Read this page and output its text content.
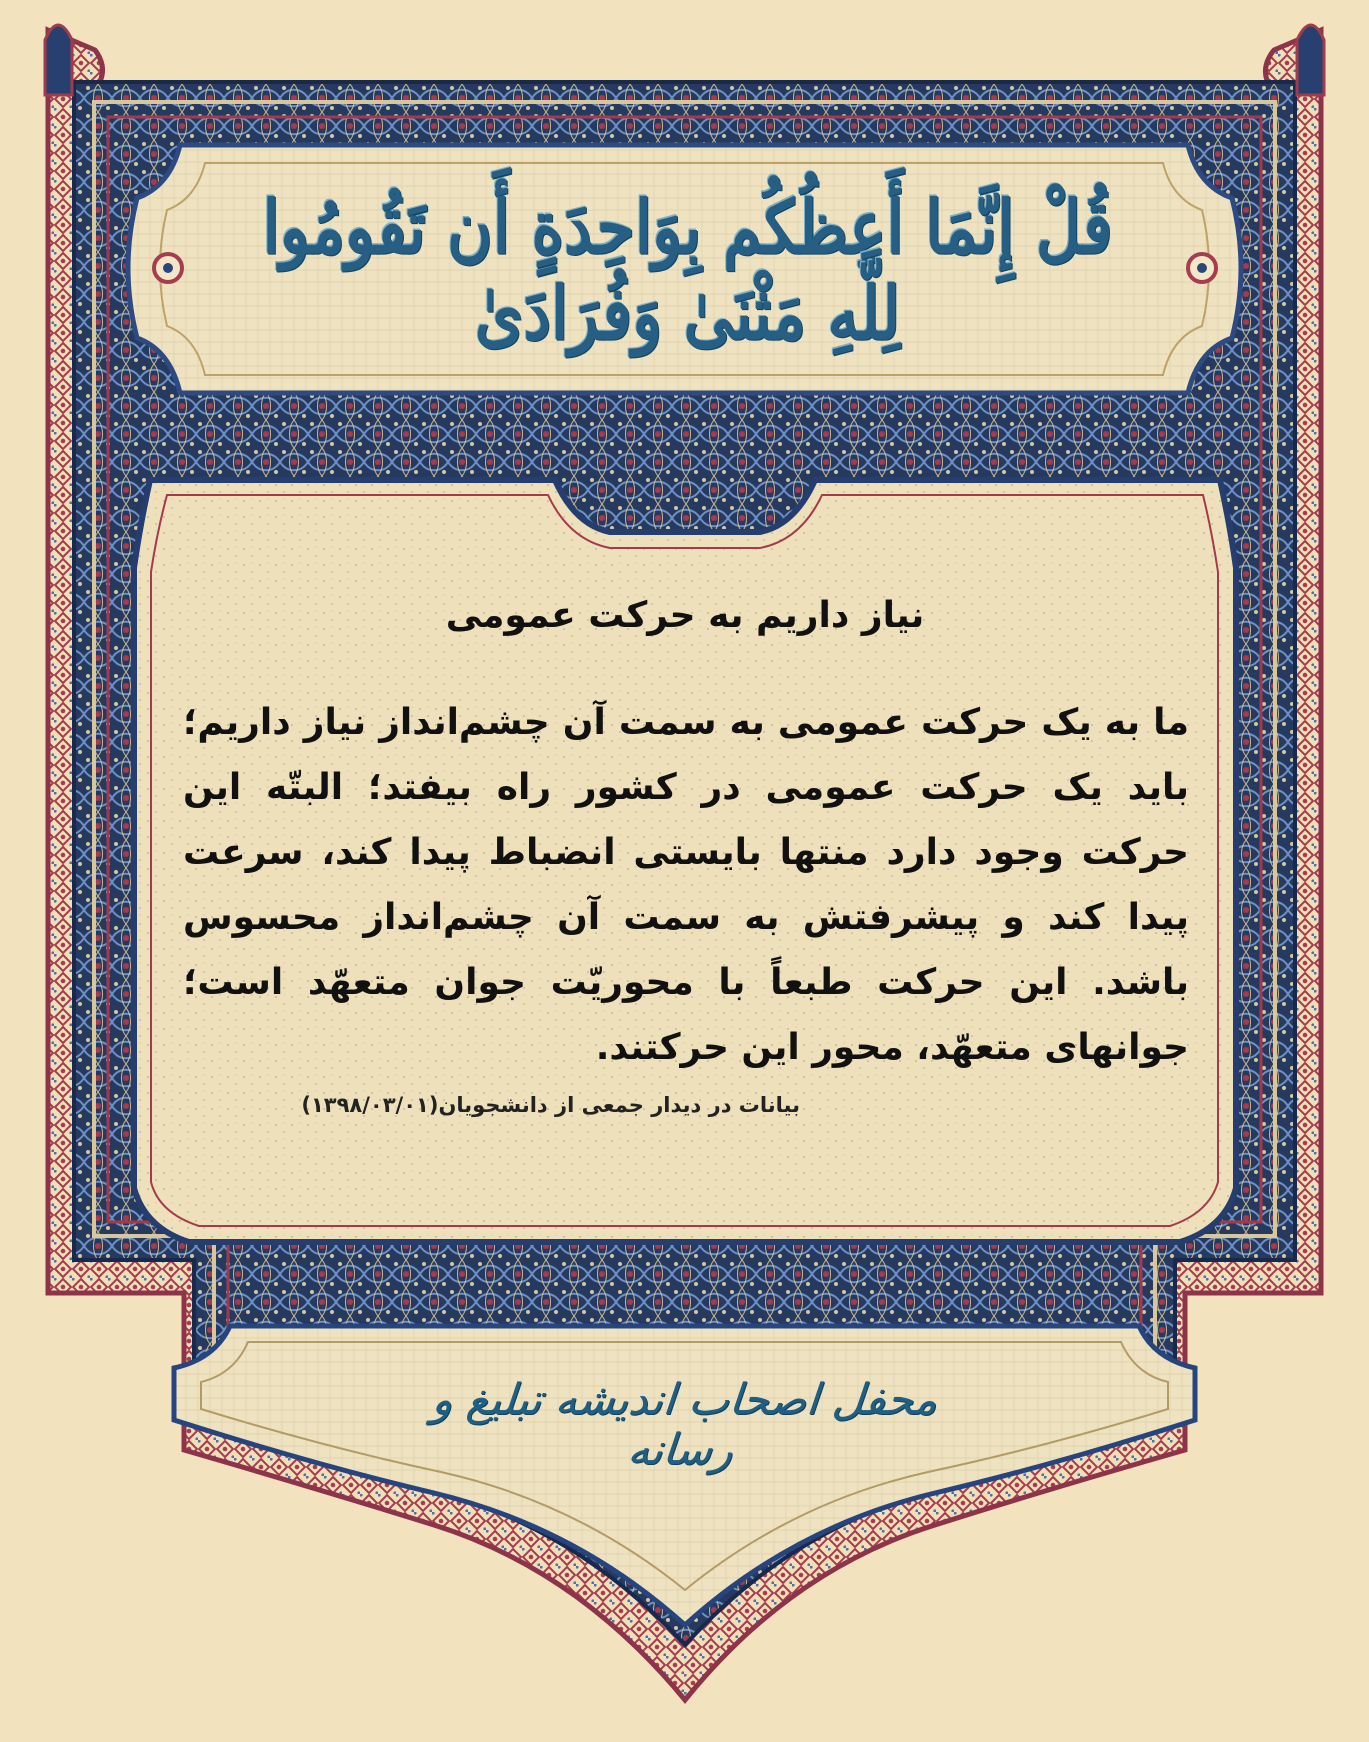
قُلْ إِنَّمَا أَعِظُكُم بِوَاحِدَةٍ أَن تَقُومُوا لِلَّهِ مَثْنَىٰ وَفُرَادَىٰ
نیاز داریم به حرکت عمومی

ما به یک حرکت عمومی به سمت آن چشم‌انداز نیاز داریم؛ باید یک حرکت عمومی در کشور راه بیفتد؛ البتّه این حرکت وجود دارد منتها بایستی انضباط پیدا کند، سرعت پیدا کند و پیشرفتش به سمت آن چشم‌انداز محسوس باشد. این حرکت طبعاً با محوریّت جوان متعهّد است؛ جوانهای متعهّد، محور این حرکتند.

بیانات در دیدار جمعی از دانشجویان(۱۳۹۸/۰۳/۰۱)
محفل اصحاب اندیشه تبلیغ و رسانه
